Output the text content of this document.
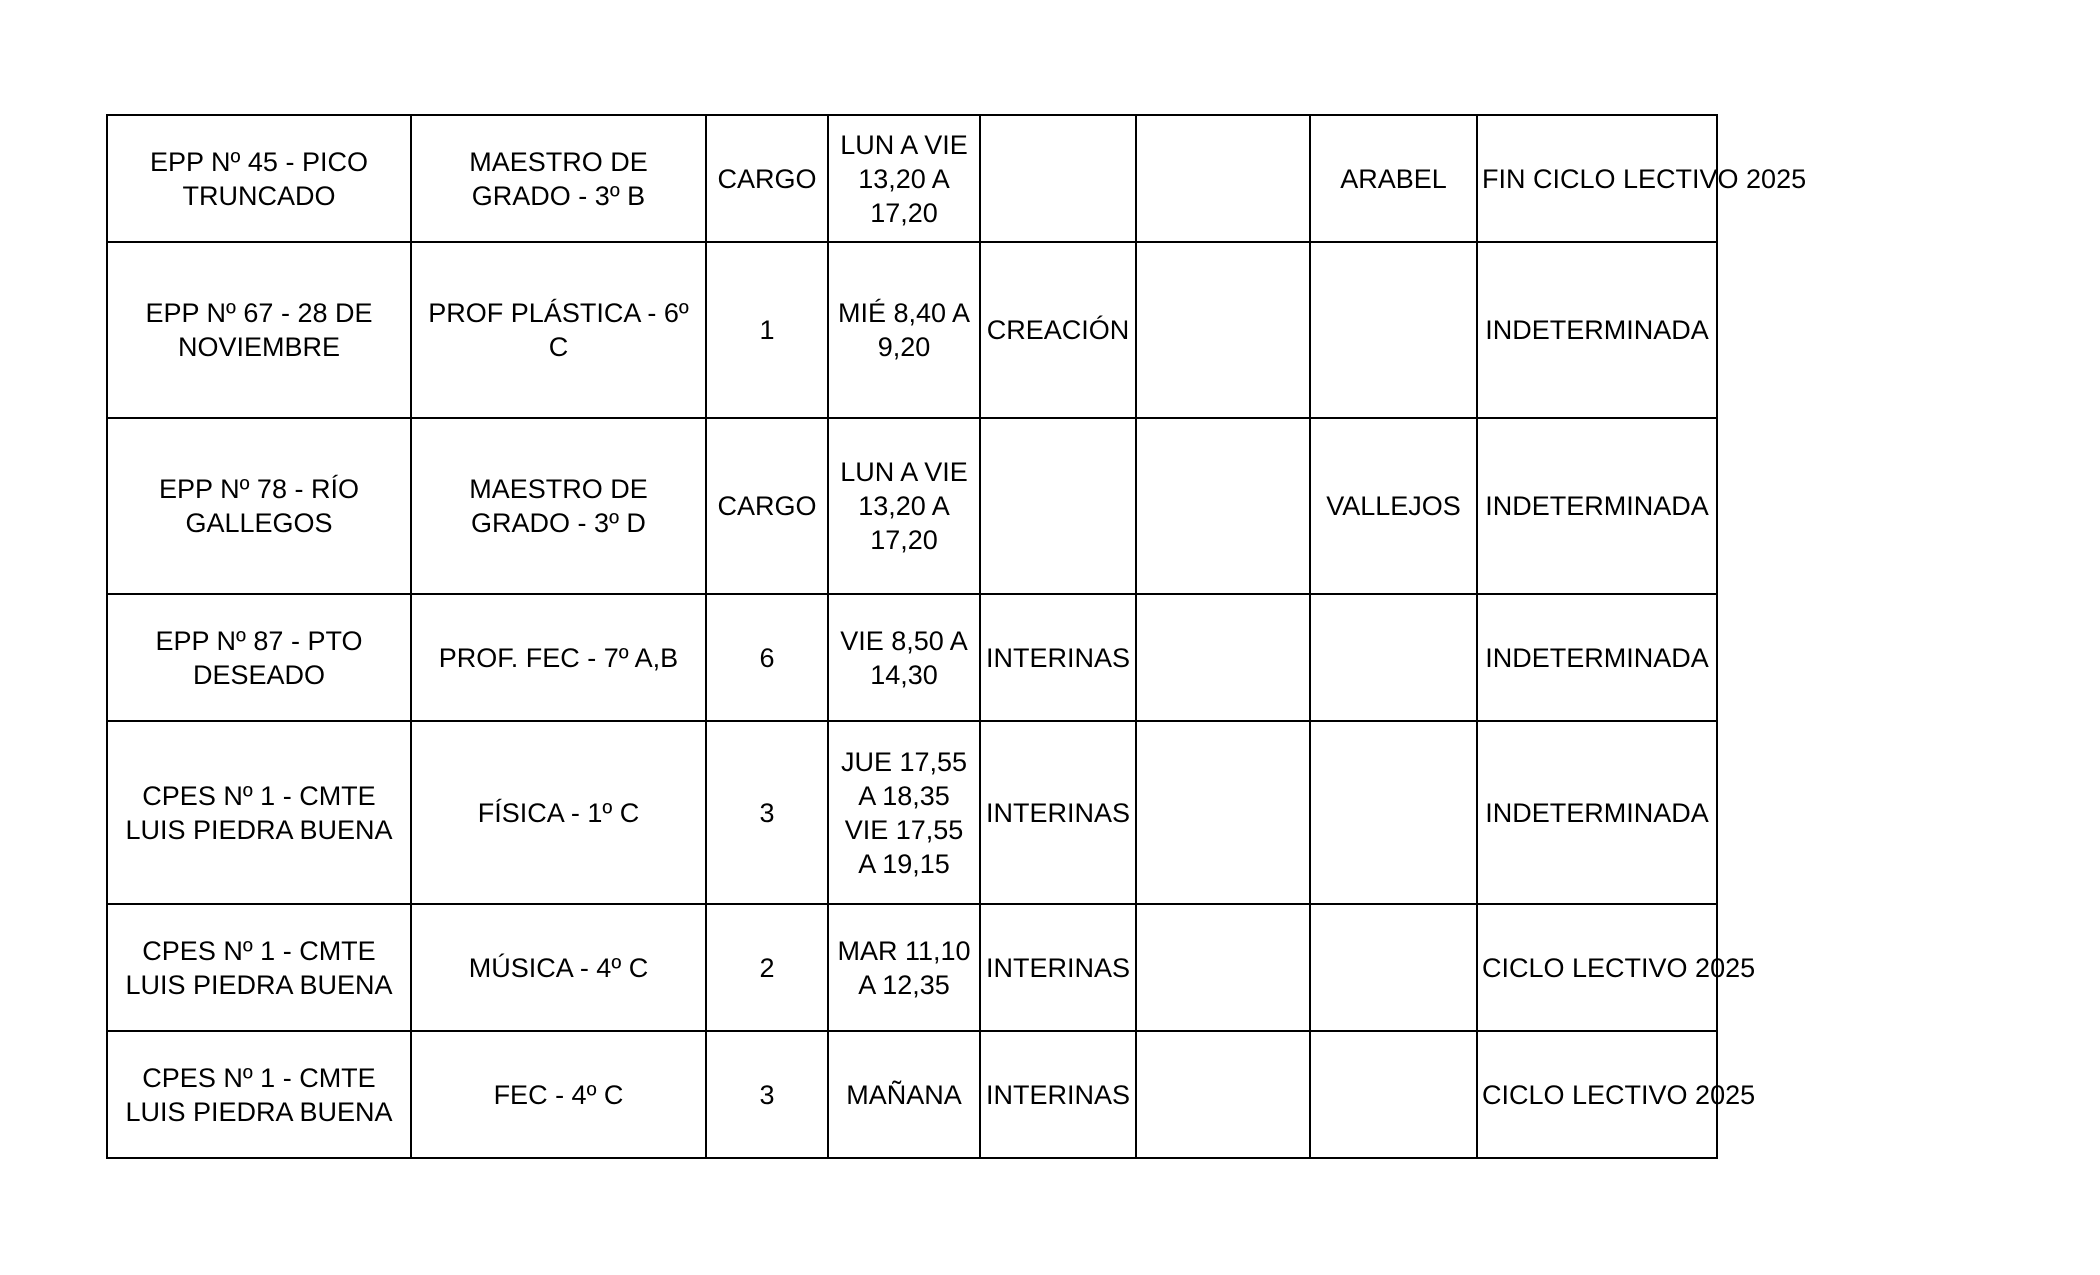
EPP Nº 45 - PICO
TRUNCADO	MAESTRO DE
GRADO - 3º B	CARGO	LUN A VIE
13,20 A
17,20			ARABEL	FIN CICLO LECTIVO 2025
EPP Nº 67 - 28 DE
NOVIEMBRE	PROF PLÁSTICA - 6º
C	1	MIÉ 8,40 A
9,20	CREACIÓN			INDETERMINADA
EPP Nº 78 - RÍO
GALLEGOS	MAESTRO DE
GRADO - 3º D	CARGO	LUN A VIE
13,20 A
17,20			VALLEJOS	INDETERMINADA
EPP Nº 87 - PTO
DESEADO	PROF. FEC - 7º A,B	6	VIE 8,50 A
14,30	INTERINAS			INDETERMINADA
CPES Nº 1 - CMTE
LUIS PIEDRA BUENA	FÍSICA - 1º C	3	JUE 17,55
A 18,35
VIE 17,55
A 19,15	INTERINAS			INDETERMINADA
CPES Nº 1 - CMTE
LUIS PIEDRA BUENA	MÚSICA - 4º C	2	MAR 11,10
A 12,35	INTERINAS			CICLO LECTIVO 2025
CPES Nº 1 - CMTE
LUIS PIEDRA BUENA	FEC - 4º C	3	MAÑANA	INTERINAS			CICLO LECTIVO 2025
